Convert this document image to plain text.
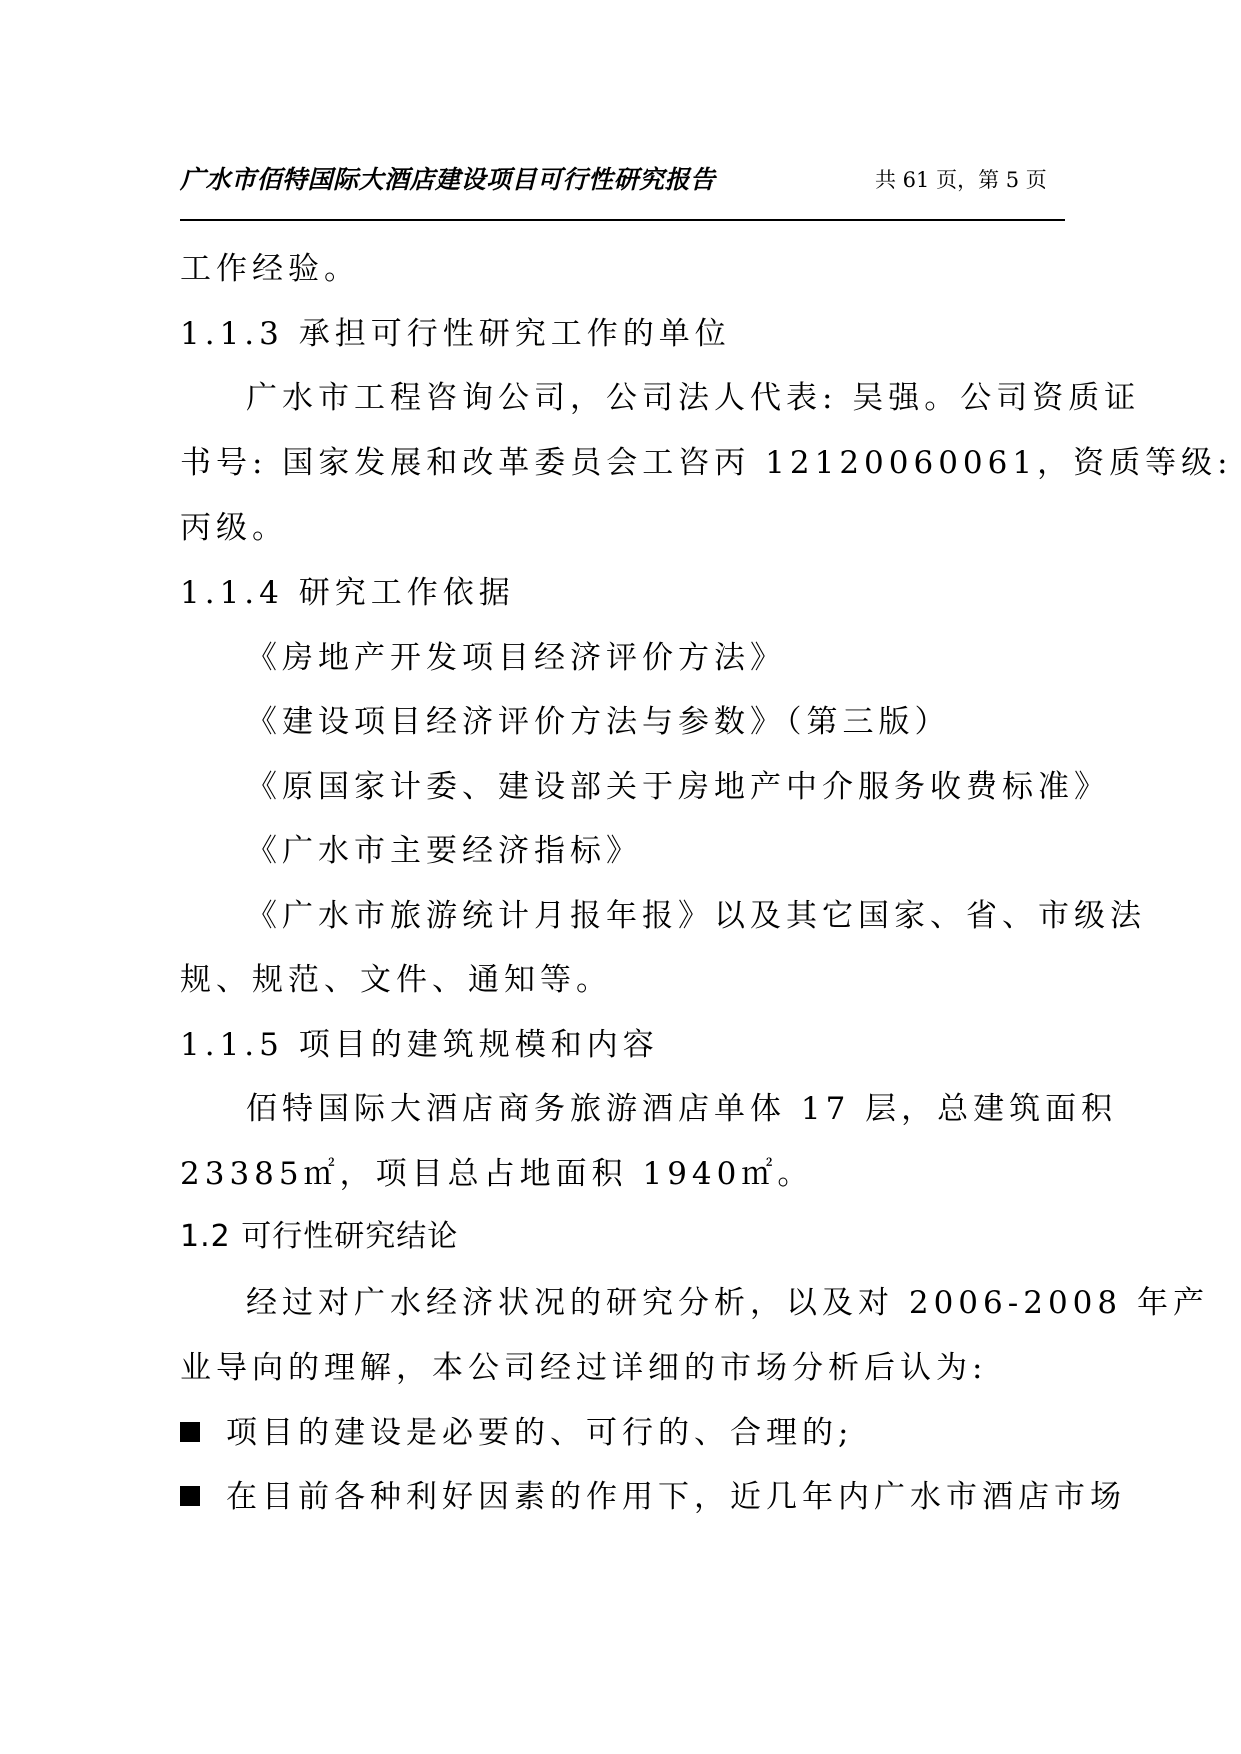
广水市佰特国际大酒店建设项目可行性研究报告	共 61 页，第 5 页
工作经验。
1.1.3 承担可行性研究工作的单位
广水市工程咨询公司，公司法人代表: 吴强。公司资质证
书号: 国家发展和改革委员会工咨丙 12120060061，资质等级:
丙级。
1.1.4 研究工作依据
《房地产开发项目经济评价方法》
《建设项目经济评价方法与参数》（第三版）
《原国家计委、建设部关于房地产中介服务收费标准》
《广水市主要经济指标》
《广水市旅游统计月报年报》以及其它国家、省、市级法
规、规范、文件、通知等。
1.1.5 项目的建筑规模和内容
佰特国际大酒店商务旅游酒店单体 17 层，总建筑面积
23385㎡，项目总占地面积 1940㎡。
1.2 可行性研究结论
经过对广水经济状况的研究分析，以及对 2006-2008 年产
业导向的理解，本公司经过详细的市场分析后认为:
项目的建设是必要的、可行的、合理的;
在目前各种利好因素的作用下，近几年内广水市酒店市场
